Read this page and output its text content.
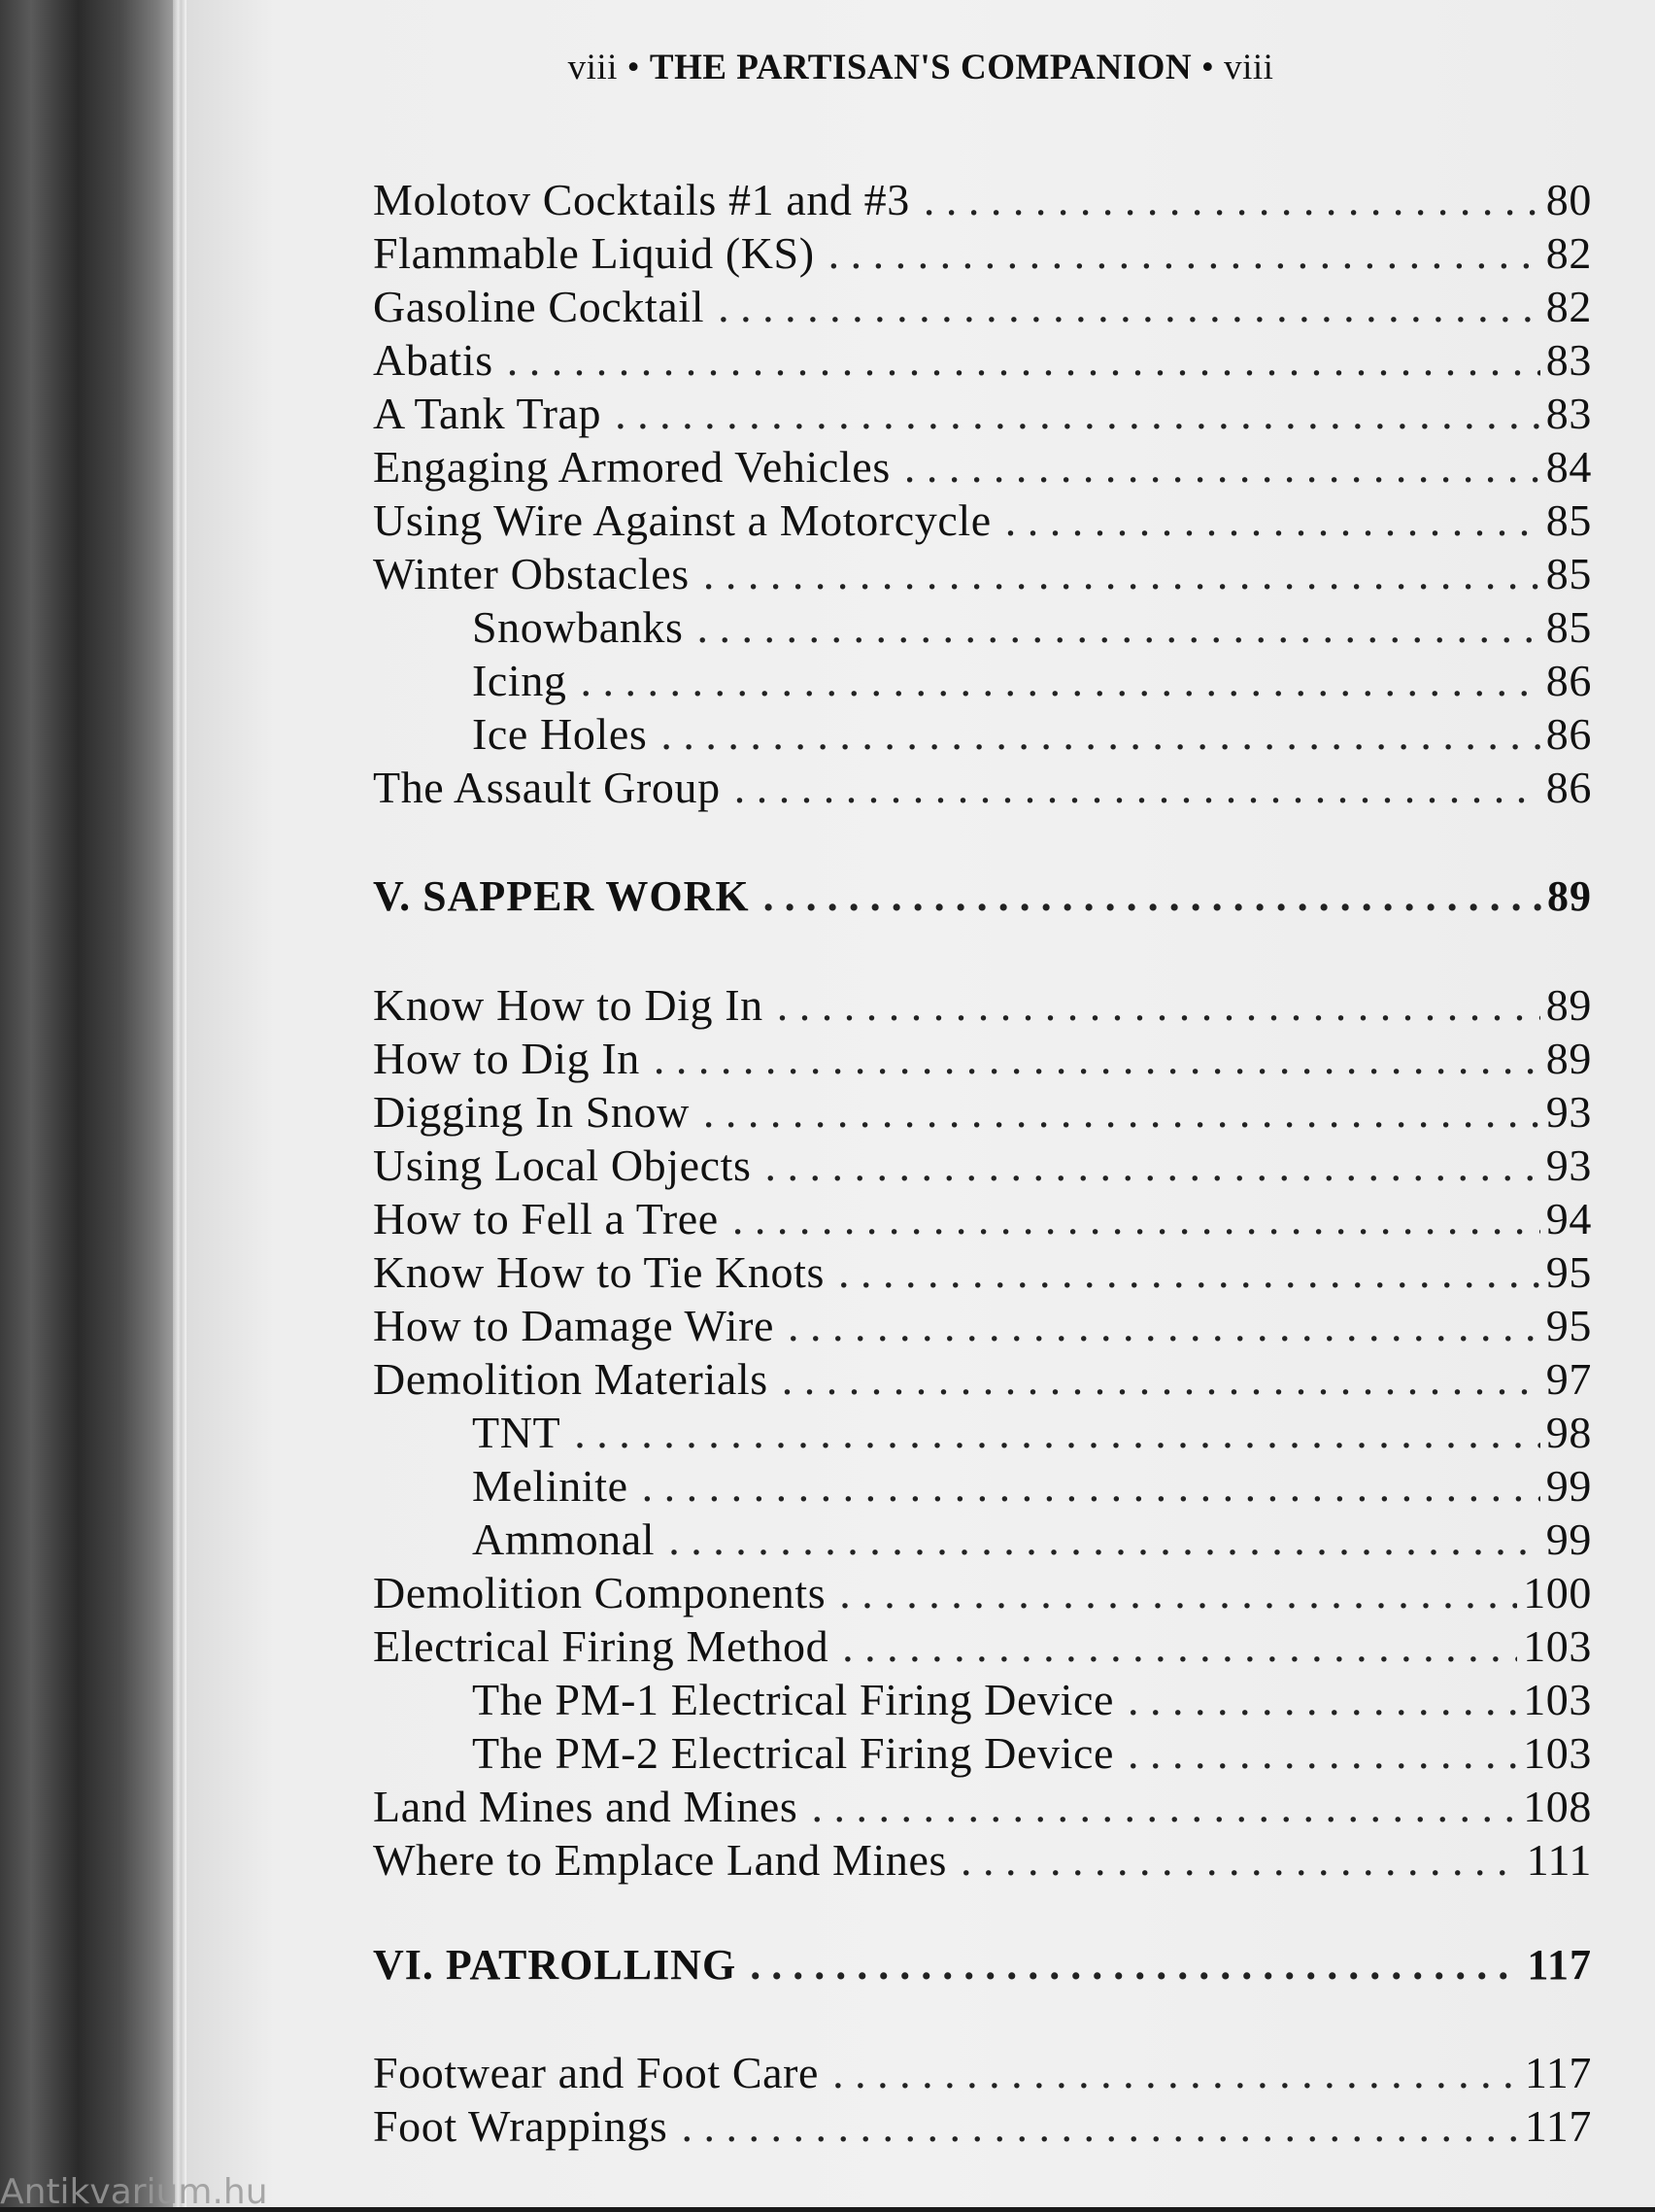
viii • THE PARTISAN'S COMPANION • viii
Molotov Cocktails #1 and #3 . . .	80
Flammable Liquid (KS) . . .	82
Gasoline Cocktail . . .	82
Abatis . . .	83
A Tank Trap . . .	83
Engaging Armored Vehicles . . .	84
Using Wire Against a Motorcycle . . .	85
Winter Obstacles . . .	85
Snowbanks . . .	85
Icing . . .	86
Ice Holes . . .	86
The Assault Group . . .	86
V. SAPPER WORK . . .	89
Know How to Dig In . . .	89
How to Dig In . . .	89
Digging In Snow . . .	93
Using Local Objects . . .	93
How to Fell a Tree . . .	94
Know How to Tie Knots . . .	95
How to Damage Wire . . .	95
Demolition Materials . . .	97
TNT . . .	98
Melinite . . .	99
Ammonal . . .	99
Demolition Components . . .	100
Electrical Firing Method . . .	103
The PM-1 Electrical Firing Device . . .	103
The PM-2 Electrical Firing Device . . .	103
Land Mines and Mines . . .	108
Where to Emplace Land Mines . . .	111
VI. PATROLLING . . .	117
Footwear and Foot Care . . .	117
Foot Wrappings . . .	117
Antikvarium.hu
